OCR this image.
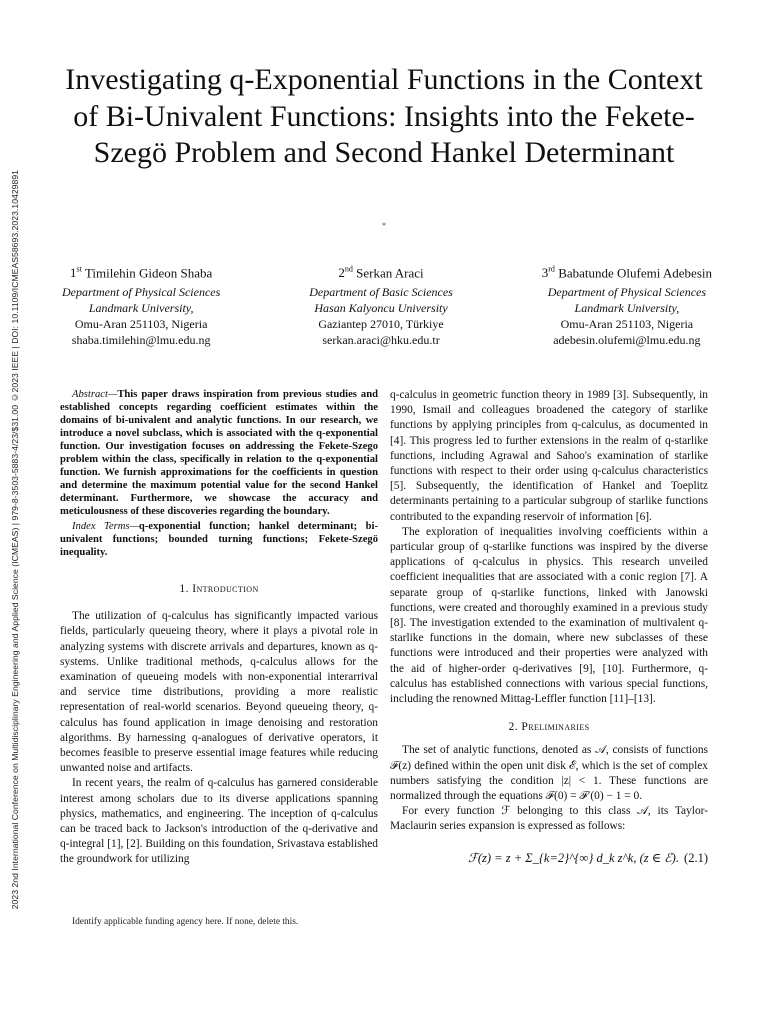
2023 2nd International Conference on Multidisciplinary Engineering and Applied Science (ICMEAS) | 979-8-3503-5883-4/23/$31.00 ©2023 IEEE | DOI: 10.1109/ICMEAS58693.2023.10429891
Investigating q-Exponential Functions in the Context of Bi-Univalent Functions: Insights into the Fekete-Szegö Problem and Second Hankel Determinant
*
1st Timilehin Gideon Shaba
Department of Physical Sciences
Landmark University,
Omu-Aran 251103, Nigeria
shaba.timilehin@lmu.edu.ng
2nd Serkan Araci
Department of Basic Sciences
Hasan Kalyoncu University
Gaziantep 27010, Türkiye
serkan.araci@hku.edu.tr
3rd Babatunde Olufemi Adebesin
Department of Physical Sciences
Landmark University,
Omu-Aran 251103, Nigeria
adebesin.olufemi@lmu.edu.ng

Abstract—This paper draws inspiration from previous studies and established concepts regarding coefficient estimates within the domains of bi-univalent and analytic functions. In our research, we introduce a novel subclass, which is associated with the q-exponential function. Our investigation focuses on addressing the Fekete-Szego problem within the class, specifically in relation to the q-exponential function. We furnish approximations for the coefficients in question and determine the maximum potential value for the second Hankel determinant. Furthermore, we showcase the accuracy and meticulousness of these discoveries regarding the boundary.

Index Terms—q-exponential function; hankel determinant; bi-univalent functions; bounded turning functions; Fekete-Szegö inequality.

1. Introduction

The utilization of q-calculus has significantly impacted various fields, particularly queueing theory, where it plays a pivotal role in analyzing systems with discrete arrivals and departures, known as q-systems. Unlike traditional methods, q-calculus allows for the examination of queueing models with non-exponential interarrival and service time distributions, providing a more realistic representation of real-world scenarios. Beyond queueing theory, q-calculus has found application in image denoising and restoration algorithms. By harnessing q-analogues of derivative operators, it becomes feasible to preserve essential image features while reducing unwanted noise and artifacts.

In recent years, the realm of q-calculus has garnered considerable interest among scholars due to its diverse applications spanning physics, mathematics, and engineering. The inception of q-calculus can be traced back to Jackson's introduction of the q-derivative and q-integral [1], [2]. Building on this foundation, Srivastava established the groundwork for utilizing

q-calculus in geometric function theory in 1989 [3]. Subsequently, in 1990, Ismail and colleagues broadened the category of starlike functions by applying principles from q-calculus, as documented in [4]. This progress led to further extensions in the realm of q-starlike functions, including Agrawal and Sahoo's examination of starlike functions with respect to their order using q-calculus characteristics [5]. Subsequently, the identification of Hankel and Toeplitz determinants pertaining to a particular subgroup of starlike functions contributed to the expanding reservoir of information [6].

The exploration of inequalities involving coefficients within a particular group of q-starlike functions was inspired by the diverse applications of q-calculus in physics. This research unveiled coefficient inequalities that are associated with a conic region [7]. A separate group of q-starlike functions, linked with Janowski functions, were created and thoroughly examined in a previous study [8]. The investigation extended to the examination of multivalent q-starlike functions in the domain, where new subclasses of these functions were introduced and their properties were analyzed with the aid of higher-order q-derivatives [9], [10]. Furthermore, q-calculus has established connections with various special functions, including the renowned Mittag-Leffler function [11]–[13].

2. Preliminaries

The set of analytic functions, denoted as 𝒜, consists of functions ℱ(z) defined within the open unit disk ℰ, which is the set of complex numbers satisfying the condition |z| < 1. These functions are normalized through the equations ℱ(0) = ℱ′(0) − 1 = 0.

For every function ℱ belonging to this class 𝒜, its Taylor-Maclaurin series expansion is expressed as follows:

ℱ(z) = z + Σ_{k=2}^{∞} d_k z^k, (z ∈ ℰ). (2.1)
Identify applicable funding agency here. If none, delete this.
